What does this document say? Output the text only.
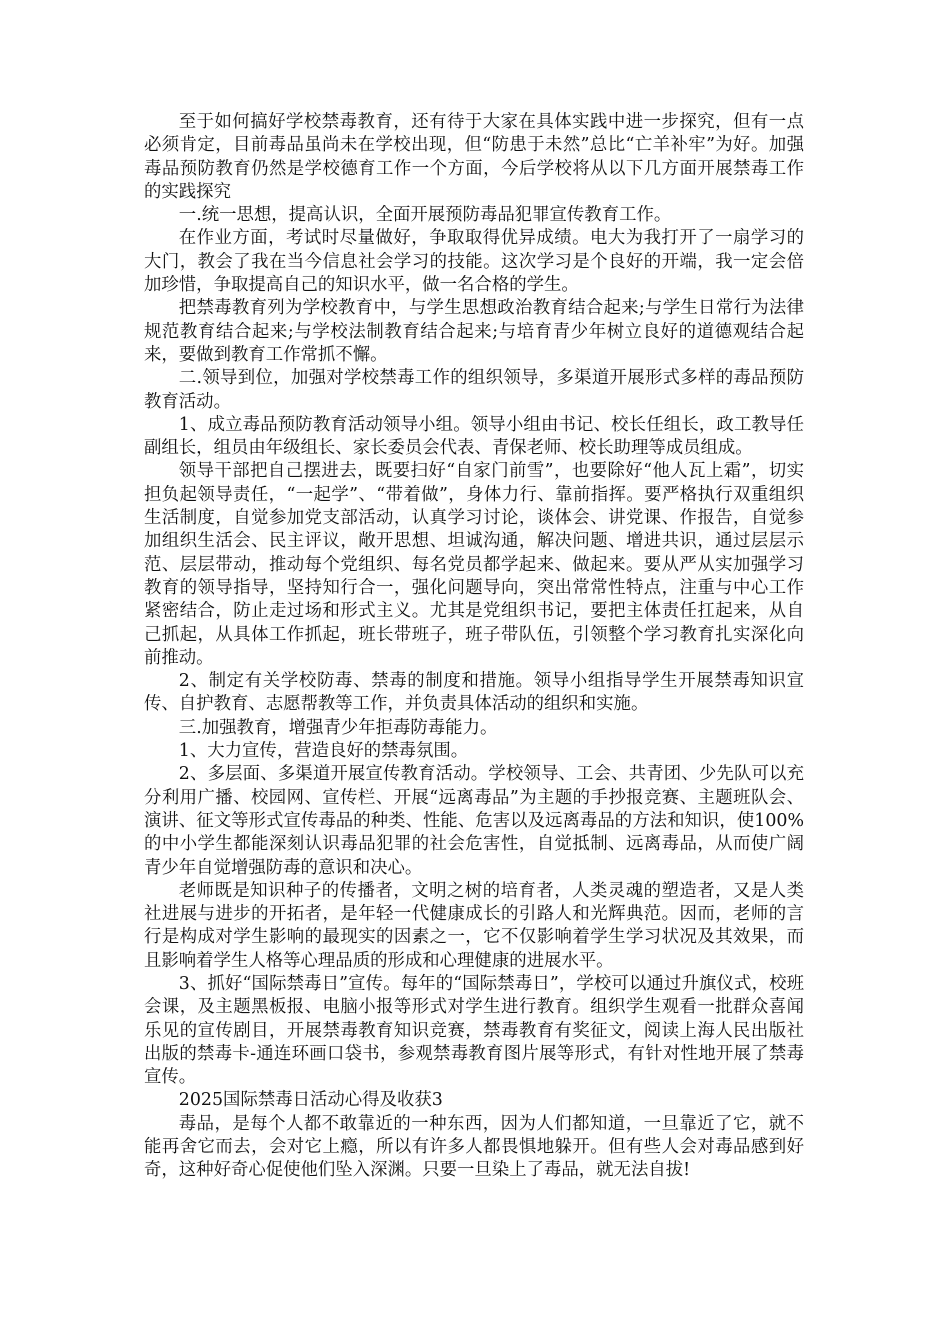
至于如何搞好学校禁毒教育，还有待于大家在具体实践中进一步探究，但有一点必须肯定，目前毒品虽尚未在学校出现，但“防患于未然”总比“亡羊补牢”为好。加强毒品预防教育仍然是学校德育工作一个方面，今后学校将从以下几方面开展禁毒工作的实践探究

一.统一思想，提高认识，全面开展预防毒品犯罪宣传教育工作。

在作业方面，考试时尽量做好，争取取得优异成绩。电大为我打开了一扇学习的大门，教会了我在当今信息社会学习的技能。这次学习是个良好的开端，我一定会倍加珍惜，争取提高自己的知识水平，做一名合格的学生。

把禁毒教育列为学校教育中，与学生思想政治教育结合起来;与学生日常行为法律规范教育结合起来;与学校法制教育结合起来;与培育青少年树立良好的道德观结合起来，要做到教育工作常抓不懈。

二.领导到位，加强对学校禁毒工作的组织领导，多渠道开展形式多样的毒品预防教育活动。

1、成立毒品预防教育活动领导小组。领导小组由书记、校长任组长，政工教导任副组长，组员由年级组长、家长委员会代表、青保老师、校长助理等成员组成。

领导干部把自己摆进去，既要扫好“自家门前雪”，也要除好“他人瓦上霜”，切实担负起领导责任，“一起学”、“带着做”，身体力行、靠前指挥。要严格执行双重组织生活制度，自觉参加党支部活动，认真学习讨论，谈体会、讲党课、作报告，自觉参加组织生活会、民主评议，敞开思想、坦诚沟通，解决问题、增进共识，通过层层示范、层层带动，推动每个党组织、每名党员都学起来、做起来。要从严从实加强学习教育的领导指导，坚持知行合一，强化问题导向，突出常常性特点，注重与中心工作紧密结合，防止走过场和形式主义。尤其是党组织书记，要把主体责任扛起来，从自己抓起，从具体工作抓起，班长带班子，班子带队伍，引领整个学习教育扎实深化向前推动。

2、制定有关学校防毒、禁毒的制度和措施。领导小组指导学生开展禁毒知识宣传、自护教育、志愿帮教等工作，并负责具体活动的组织和实施。

三.加强教育，增强青少年拒毒防毒能力。

1、大力宣传，营造良好的禁毒氛围。

2、多层面、多渠道开展宣传教育活动。学校领导、工会、共青团、少先队可以充分利用广播、校园网、宣传栏、开展“远离毒品”为主题的手抄报竞赛、主题班队会、演讲、征文等形式宣传毒品的种类、性能、危害以及远离毒品的方法和知识，使100%的中小学生都能深刻认识毒品犯罪的社会危害性，自觉抵制、远离毒品，从而使广阔青少年自觉增强防毒的意识和决心。

老师既是知识种子的传播者，文明之树的培育者，人类灵魂的塑造者，又是人类社进展与进步的开拓者，是年轻一代健康成长的引路人和光辉典范。因而，老师的言行是构成对学生影响的最现实的因素之一，它不仅影响着学生学习状况及其效果，而且影响着学生人格等心理品质的形成和心理健康的进展水平。

3、抓好“国际禁毒日”宣传。每年的“国际禁毒日”，学校可以通过升旗仪式，校班会课，及主题黑板报、电脑小报等形式对学生进行教育。组织学生观看一批群众喜闻乐见的宣传剧目，开展禁毒教育知识竞赛，禁毒教育有奖征文，阅读上海人民出版社出版的禁毒卡-通连环画口袋书，参观禁毒教育图片展等形式，有针对性地开展了禁毒宣传。

2025国际禁毒日活动心得及收获3

毒品，是每个人都不敢靠近的一种东西，因为人们都知道，一旦靠近了它，就不能再舍它而去，会对它上瘾，所以有许多人都畏惧地躲开。但有些人会对毒品感到好奇，这种好奇心促使他们坠入深渊。只要一旦染上了毒品，就无法自拔!
